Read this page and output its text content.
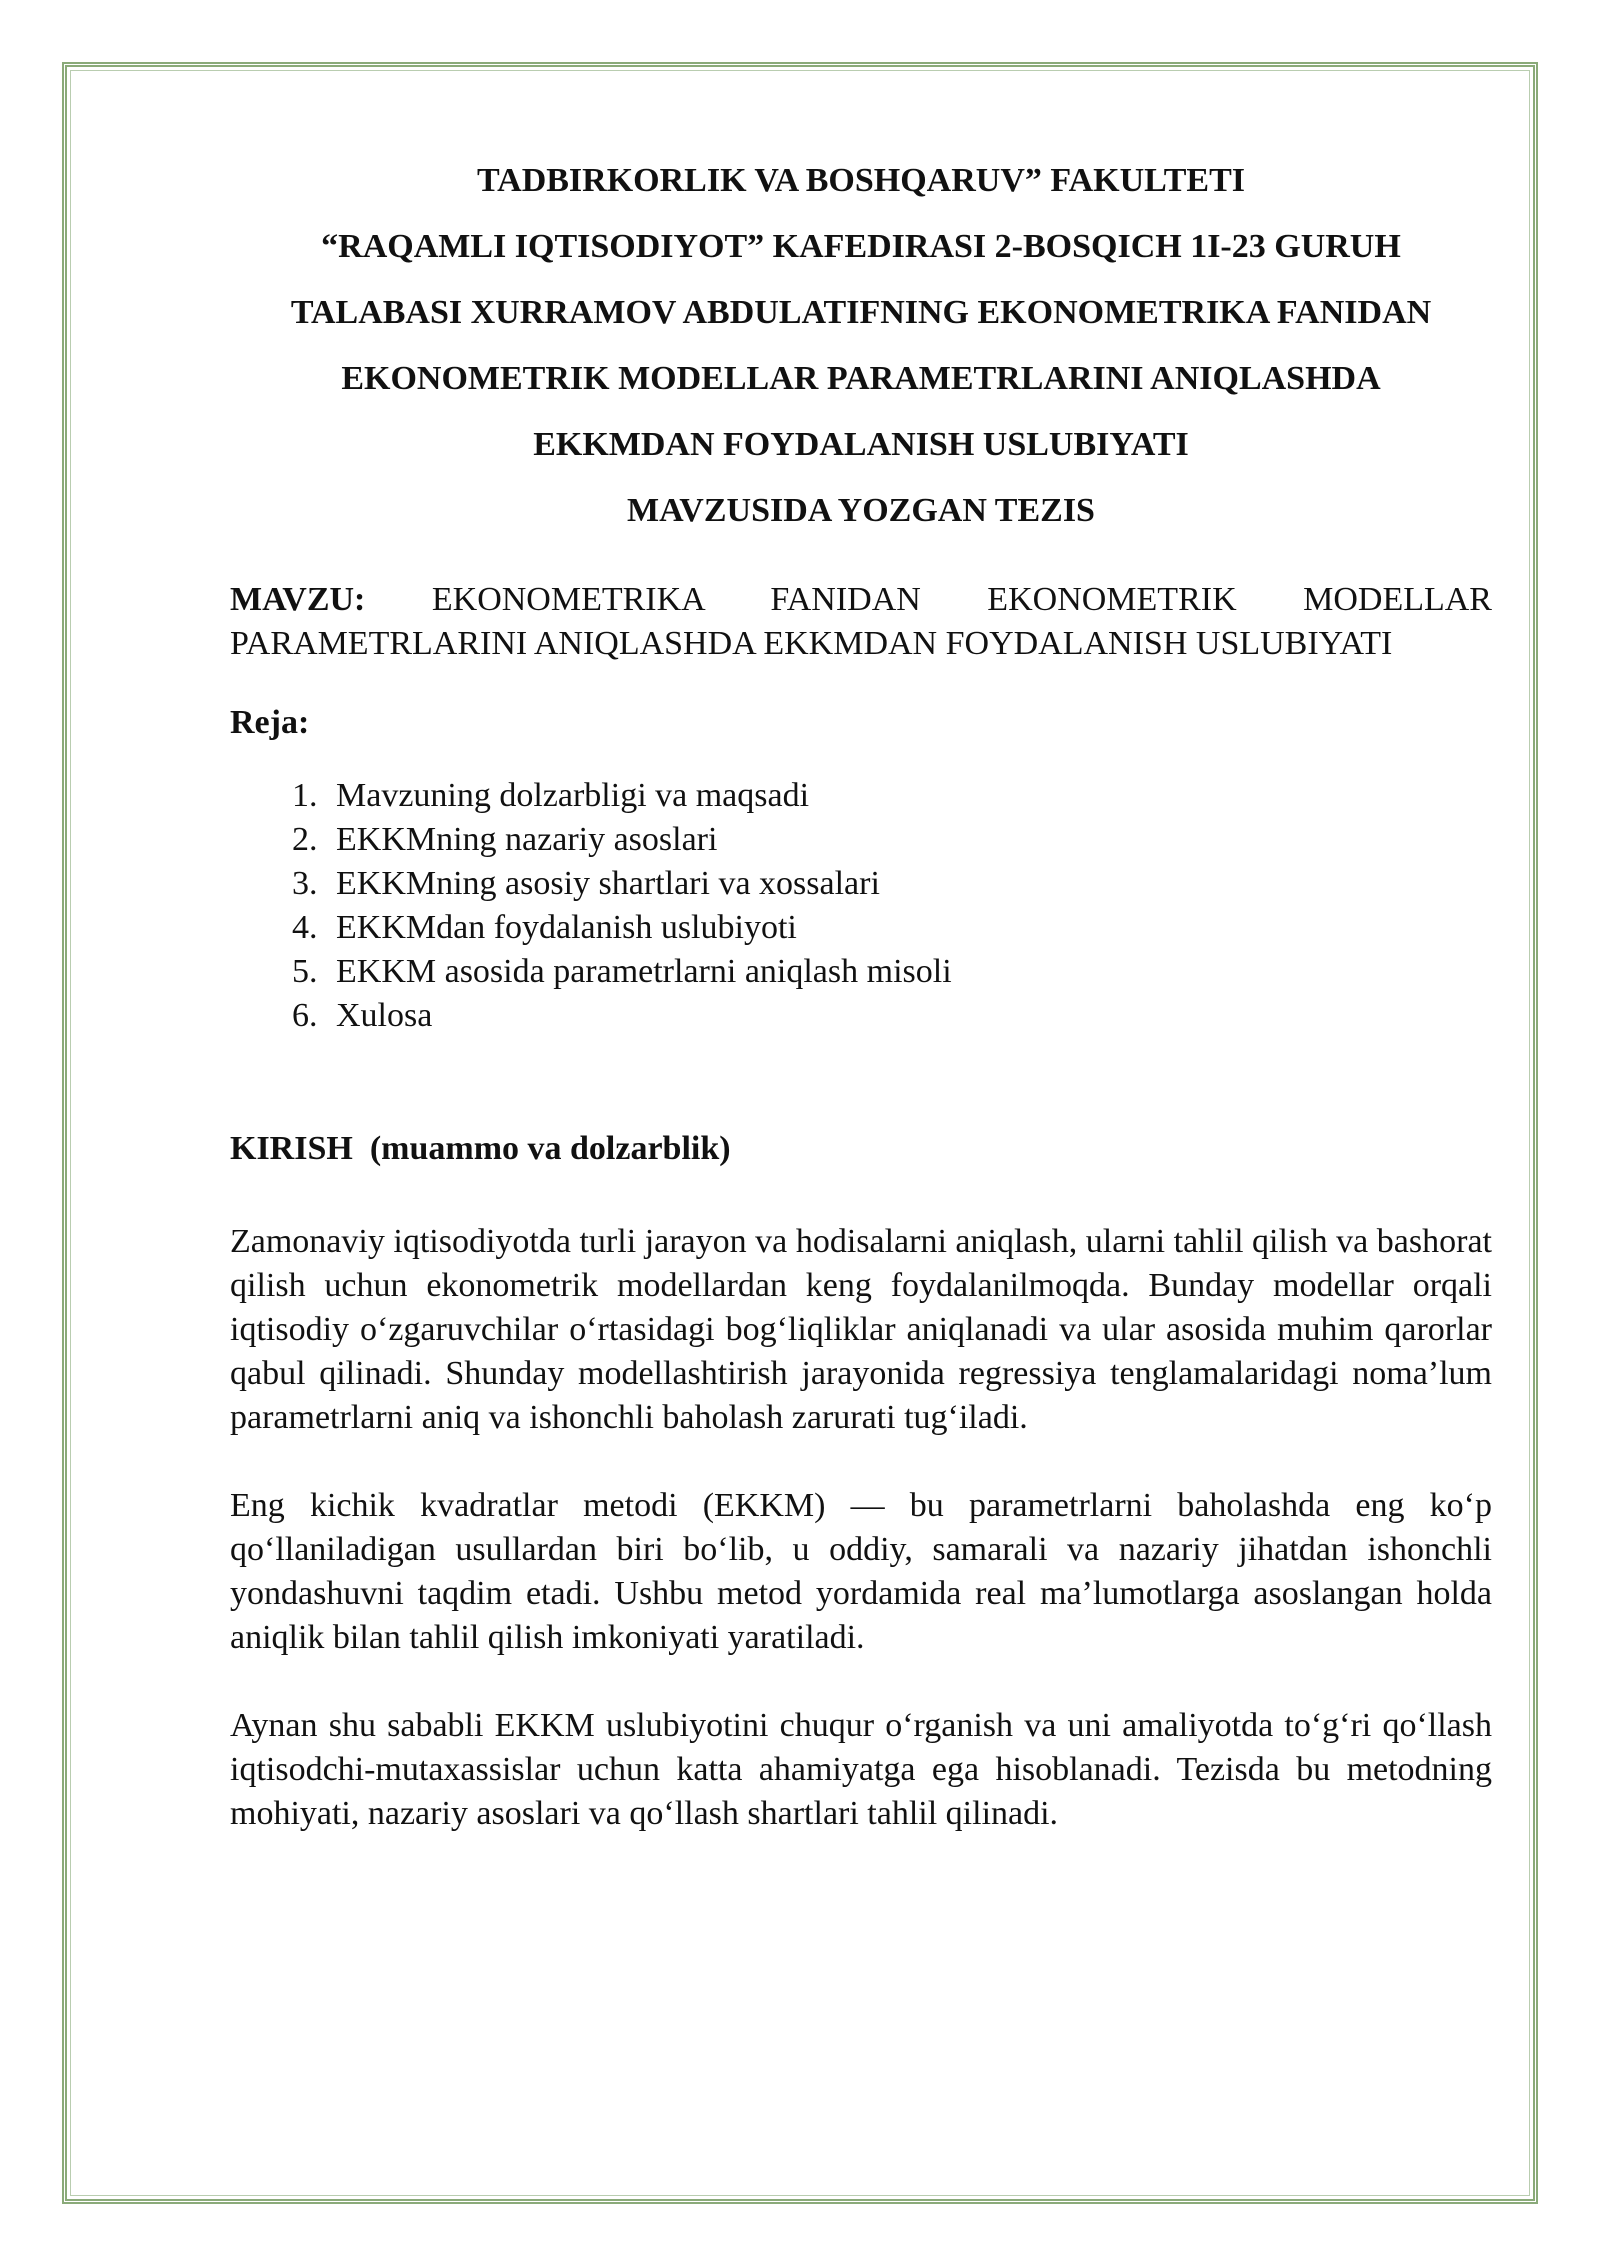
TADBIRKORLIK VA BOSHQARUV” FAKULTETI
“RAQAMLI IQTISODIYOT” KAFEDIRASI 2-BOSQICH 1I-23 GURUH
TALABASI XURRAMOV ABDULATIFNING EKONOMETRIKA FANIDAN
EKONOMETRIK MODELLAR PARAMETRLARINI ANIQLASHDA
EKKMDAN FOYDALANISH USLUBIYATI
MAVZUSIDA YOZGAN TEZIS
MAVZU: EKONOMETRIKA FANIDAN EKONOMETRIK MODELLAR PARAMETRLARINI ANIQLASHDA EKKMDAN FOYDALANISH USLUBIYATI
Reja:
1. Mavzuning dolzarbligi va maqsadi
2. EKKMning nazariy asoslari
3. EKKMning asosiy shartlari va xossalari
4. EKKMdan foydalanish uslubiyoti
5. EKKM asosida parametrlarni aniqlash misoli
6. Xulosa
KIRISH  (muammo va dolzarblik)

Zamonaviy iqtisodiyotda turli jarayon va hodisalarni aniqlash, ularni tahlil qilish va bashorat qilish uchun ekonometrik modellardan keng foydalanilmoqda. Bunday modellar orqali iqtisodiy o‘zgaruvchilar o‘rtasidagi bog‘liqliklar aniqlanadi va ular asosida muhim qarorlar qabul qilinadi. Shunday modellashtirish jarayonida regressiya tenglamalaridagi noma’lum parametrlarni aniq va ishonchli baholash zarurati tug‘iladi.

Eng kichik kvadratlar metodi (EKKM) — bu parametrlarni baholashda eng ko‘p qo‘llaniladigan usullardan biri bo‘lib, u oddiy, samarali va nazariy jihatdan ishonchli yondashuvni taqdim etadi. Ushbu metod yordamida real ma’lumotlarga asoslangan holda aniqlik bilan tahlil qilish imkoniyati yaratiladi.

Aynan shu sababli EKKM uslubiyotini chuqur o‘rganish va uni amaliyotda to‘g‘ri qo‘llash iqtisodchi-mutaxassislar uchun katta ahamiyatga ega hisoblanadi. Tezisda bu metodning mohiyati, nazariy asoslari va qo‘llash shartlari tahlil qilinadi.
